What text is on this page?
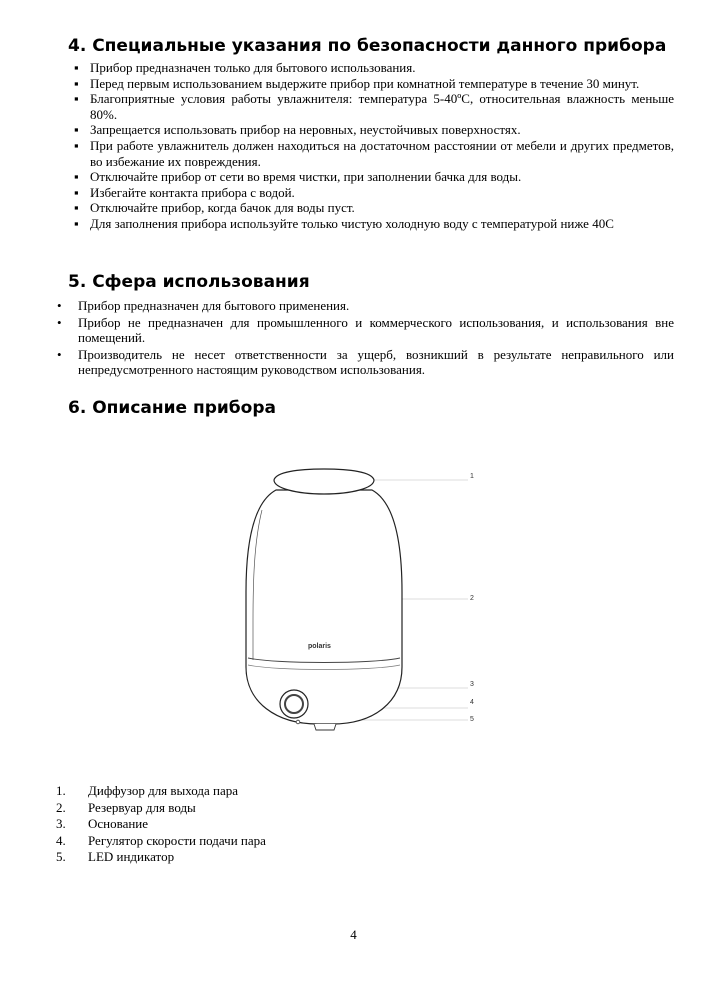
4. Специальные указания по безопасности данного прибора
▪ Прибор предназначен только для бытового использования.
▪ Перед первым использованием выдержите прибор при комнатной температуре в течение 30 минут.
▪ Благоприятные условия работы увлажнителя: температура 5-40ºС, относительная влажность меньше 80%.
▪ Запрещается использовать прибор на неровных, неустойчивых поверхностях.
▪ При работе увлажнитель должен находиться на достаточном расстоянии от мебели и других предметов, во избежание их повреждения.
▪ Отключайте прибор от сети во время чистки, при заполнении бачка для воды.
▪ Избегайте контакта прибора с водой.
▪ Отключайте прибор, когда бачок для воды пуст.
▪ Для заполнения прибора используйте только чистую холодную воду с температурой ниже 40С
5. Сфера использования
• Прибор предназначен для бытового применения.
• Прибор не предназначен для промышленного и коммерческого использования, и использования вне помещений.
• Производитель не несет ответственности за ущерб, возникший в результате неправильного или непредусмотренного настоящим руководством использования.
6. Описание прибора
polaris
1
2
3
4
5
1.	Диффузор для выхода пара
2.	Резервуар для воды
3.	Основание
4.	Регулятор скорости подачи пара
5.	LED индикатор
4
